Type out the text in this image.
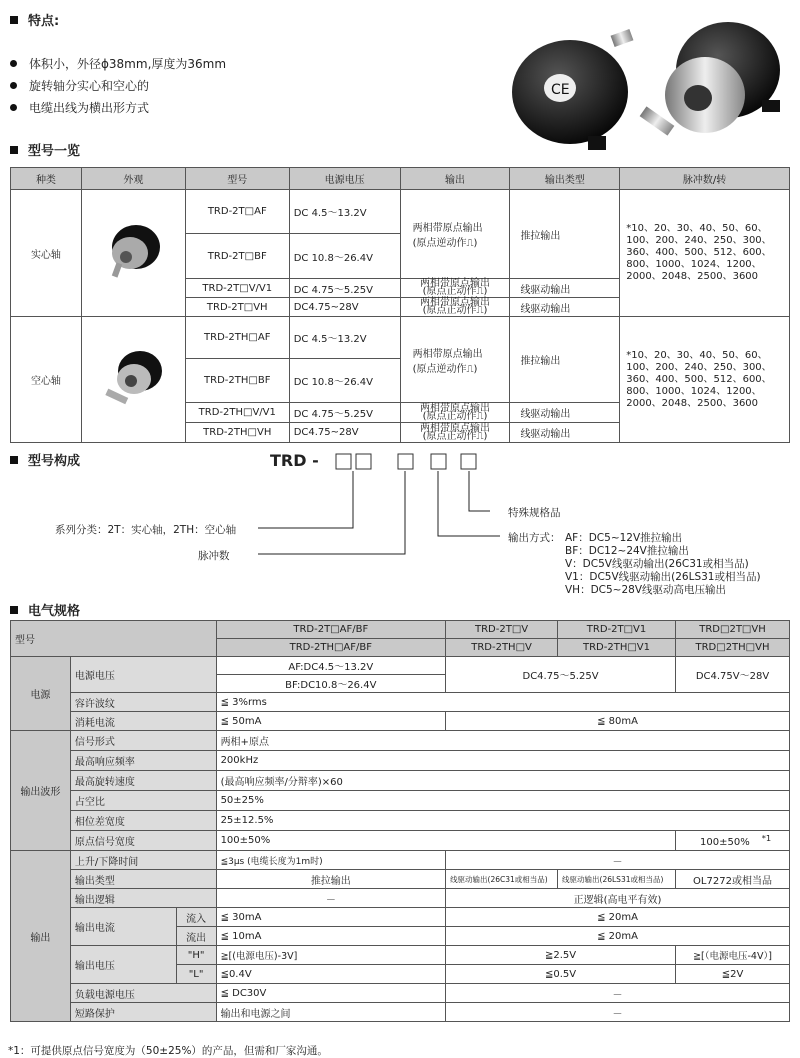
特点:
体积小，外径ϕ38mm,厚度为36mm
旋转轴分实心和空心的
电缆出线为横出形方式
CE
型号一览
种类	外观	型号	电源电压	输出	输出类型	脉冲数/转
实心轴		TRD-2T□AF	DC 4.5～13.2V	两相带原点输出
(原点逆动作⎍)	推拉输出	*10、20、30、40、50、60、100、200、240、250、300、360、400、500、512、600、800、1000、1024、1200、2000、2048、2500、3600
		TRD-2T□BF	DC 10.8～26.4V			
		TRD-2T□V/V1	DC 4.75～5.25V	两相带原点输出
(原点正动作⎍)	线驱动输出	
		TRD-2T□VH	DC4.75~28V	两相带原点输出
(原点正动作⎍)	线驱动输出	
空心轴		TRD-2TH□AF	DC 4.5～13.2V	两相带原点输出
(原点逆动作⎍)	推拉输出	*10、20、30、40、50、60、100、200、240、250、300、360、400、500、512、600、800、1000、1024、1200、2000、2048、2500、3600
		TRD-2TH□BF	DC 10.8～26.4V			
		TRD-2TH□V/V1	DC 4.75～5.25V	两相带原点输出
(原点正动作⎍)	线驱动输出	
		TRD-2TH□VH	DC4.75~28V	两相带原点输出
(原点正动作⎍)	线驱动输出	
型号构成	TRD -
特殊规格品
系列分类：2T：实心轴，2TH：空心轴
脉冲数
输出方式： AF：DC5~12V推拉输出
BF：DC12~24V推拉输出
V：DC5V线驱动输出(26C31或相当品)
V1：DC5V线驱动输出(26LS31或相当品)
VH：DC5~28V线驱动高电压输出
电气规格
型号			TRD-2T□AF/BF	TRD-2T□V	TRD-2T□V1	TRD□2T□VH
			TRD-2TH□AF/BF	TRD-2TH□V	TRD-2TH□V1	TRD□2TH□VH
电源	电源电压		AF:DC4.5～13.2V	DC4.75～5.25V		DC4.75V～28V
			BF:DC10.8～26.4V			
	容许波纹		≦ 3%rms			
	消耗电流		≦ 50mA	≦ 80mA		
输出波形	信号形式		两相+原点			
	最高响应频率		200kHz			
	最高旋转速度		(最高响应频率/分辩率)×60			
	占空比		50±25%			
	相位差宽度		25±12.5%			
	原点信号宽度		100±50%			100±50% $^{*1}$
输出	上升/下降时间		≦3μs (电缆长度为1m时)	－		
	输出类型		推拉输出	线驱动输出(26C31或相当品)	线驱动输出(26LS31或相当品)	OL7272或相当品
	输出逻辑		－	正逻辑(高电平有效)		
	输出电流	流入	≦ 30mA	≦ 20mA		
		流出	≦ 10mA	≦ 20mA		
	输出电压	"H"	≧[(电源电压)-3V]	≧2.5V		≧[（电源电压-4V）]
		"L"	≦0.4V	≦0.5V		≦2V
	负载电源电压		≦ DC30V	－		
	短路保护		输出和电源之间	－		
*1：可提供原点信号宽度为（50±25%）的产品，但需和厂家沟通。
